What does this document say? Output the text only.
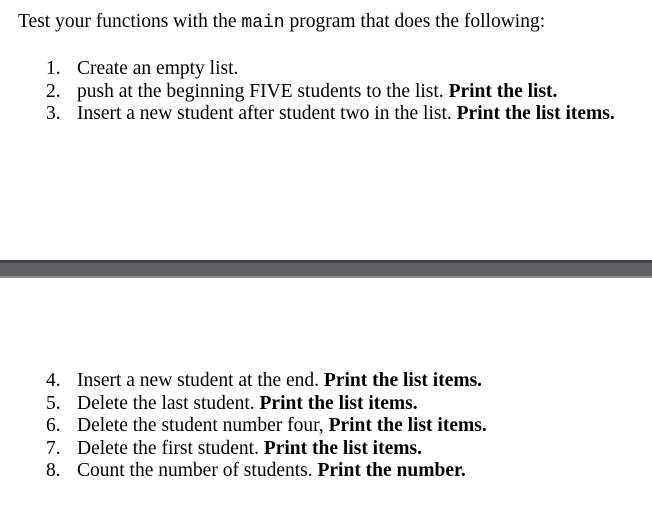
Test your functions with the main program that does the following:
1. Create an empty list.
2. push at the beginning FIVE students to the list. Print the list.
3. Insert a new student after student two in the list. Print the list items.
4. Insert a new student at the end. Print the list items.
5. Delete the last student. Print the list items.
6. Delete the student number four, Print the list items.
7. Delete the first student. Print the list items.
8. Count the number of students. Print the number.
